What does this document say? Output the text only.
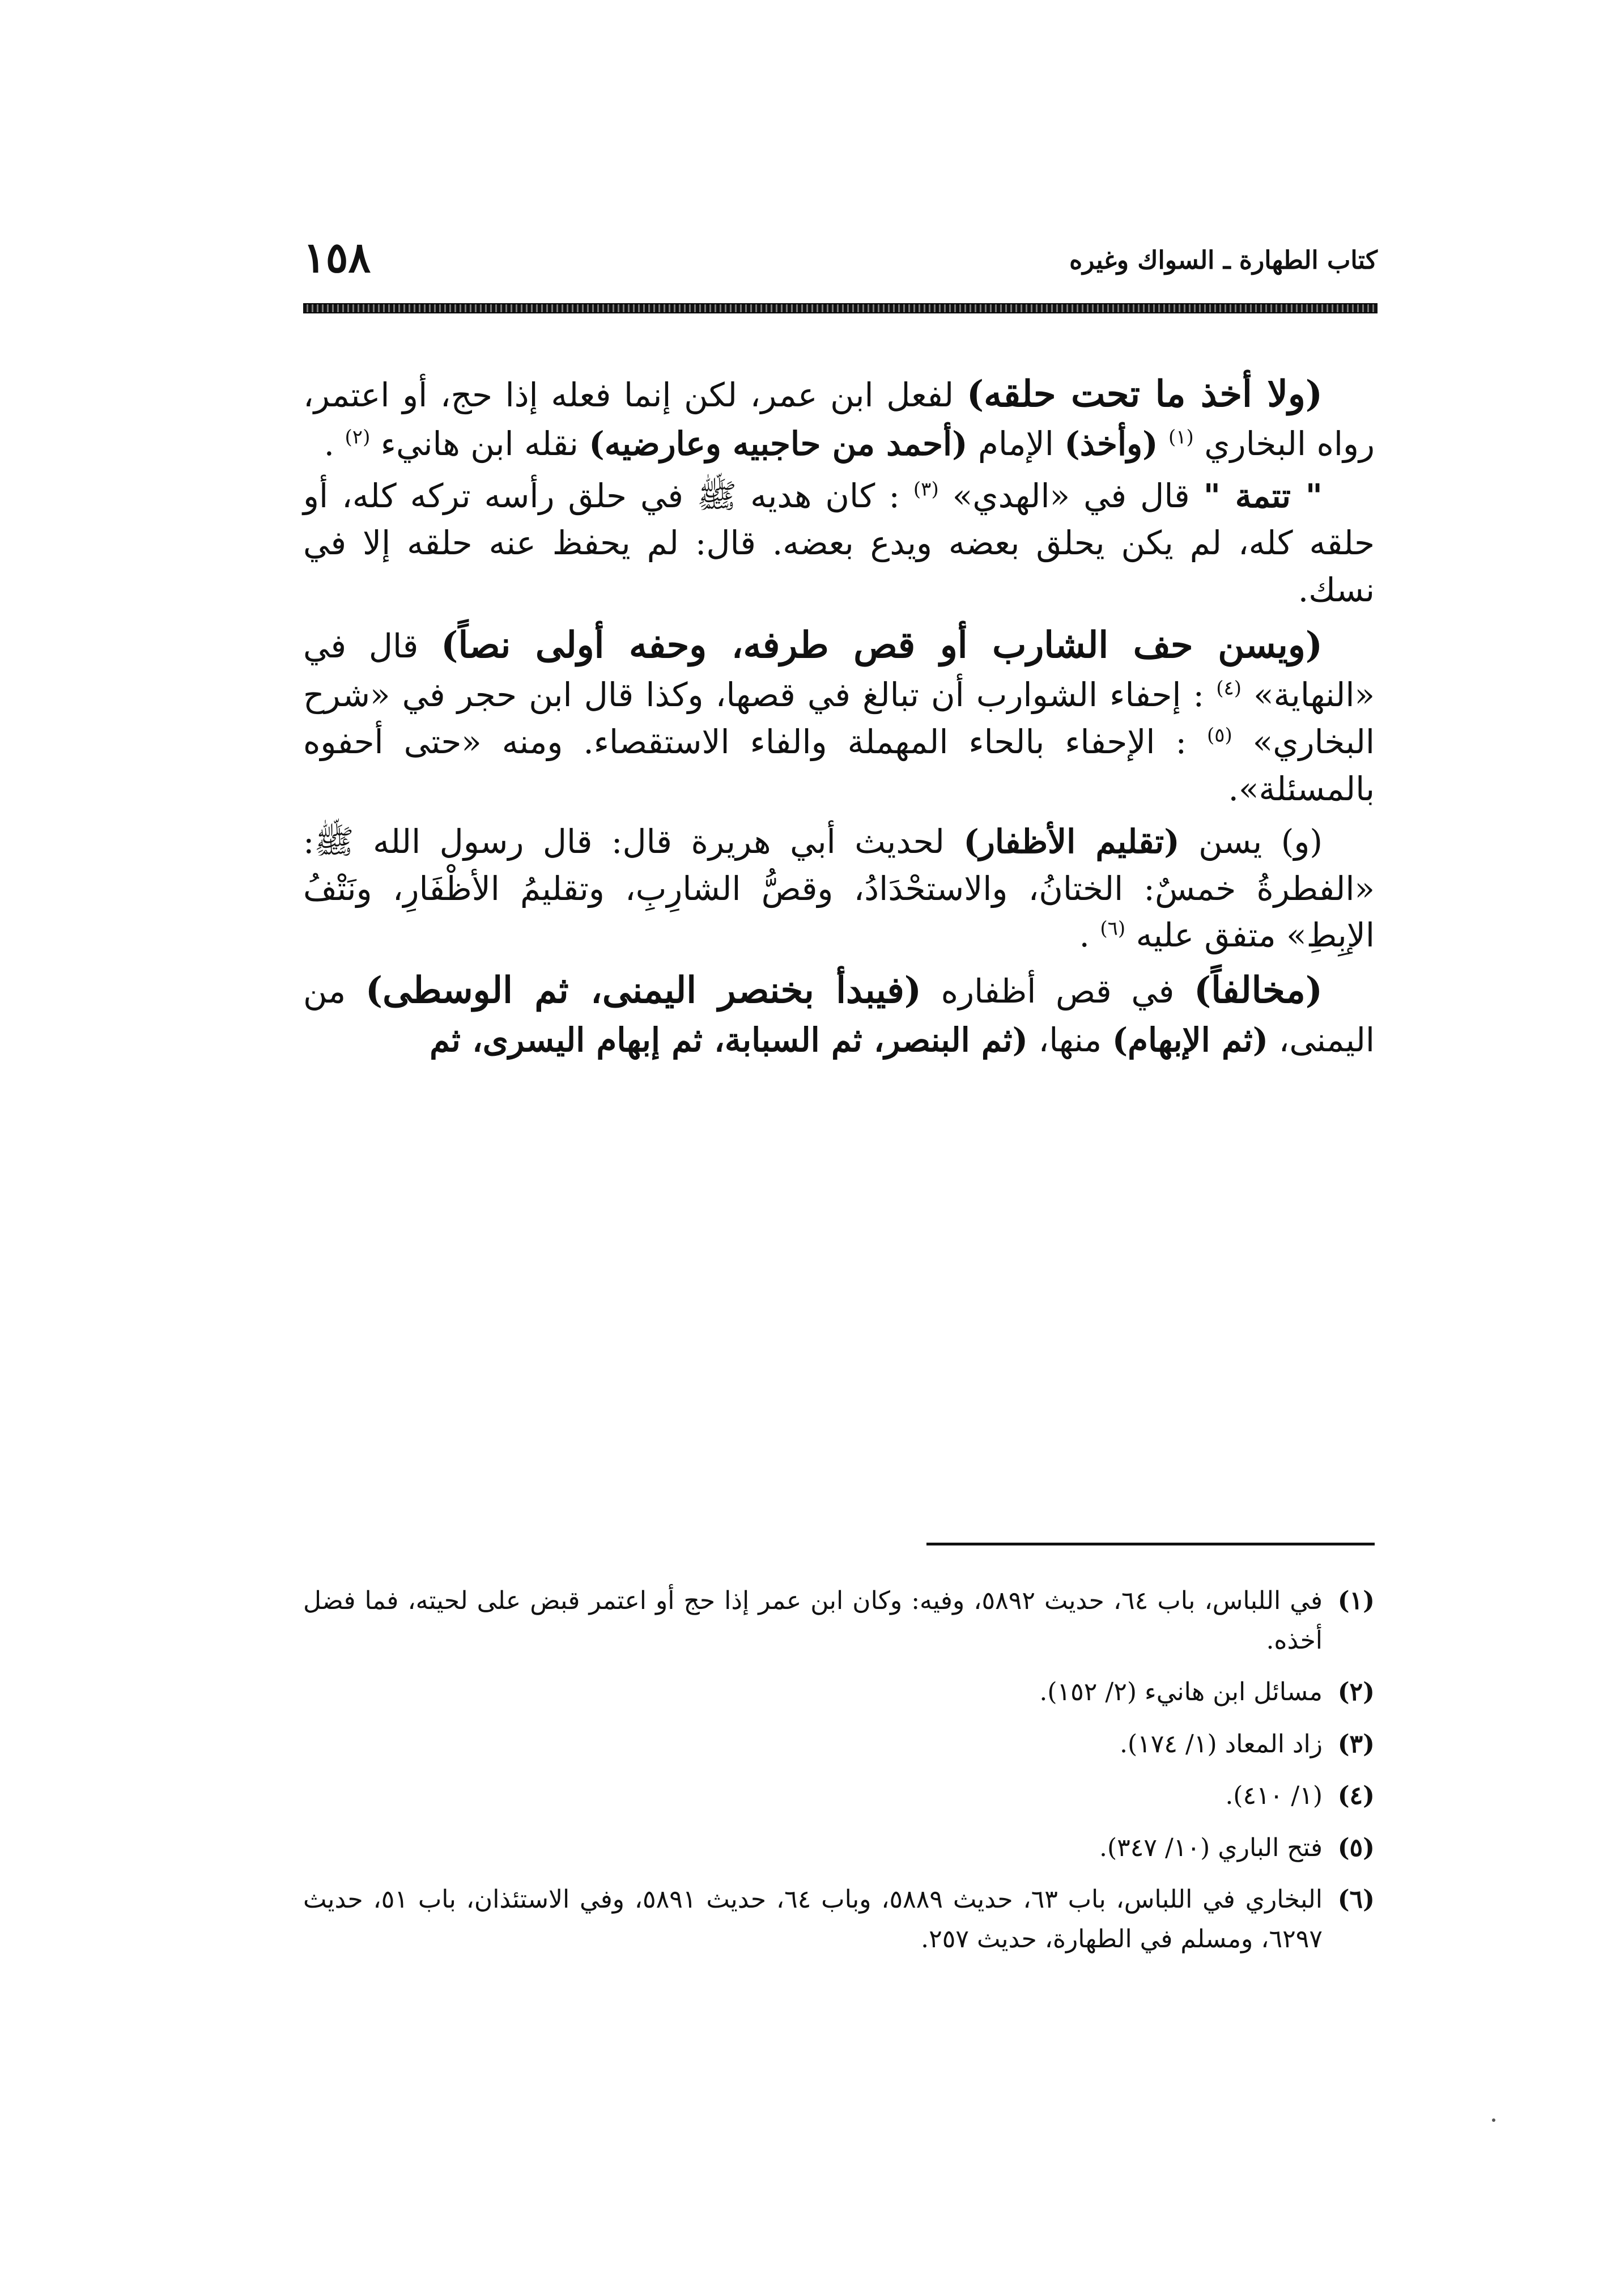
كتاب الطهارة ـ السواك وغيره
١٥٨

(ولا أخذ ما تحت حلقه) لفعل ابن عمر، لكن إنما فعله إذا حج، أو اعتمر، رواه البخاري $^{(١)}$ (وأخذ) الإمام (أحمد من حاجبيه وعارضيه) نقله ابن هانيء $^{(٢)}$ .

" تتمة " قال في «الهدي» $^{(٣)}$ : كان هديه ﷺ في حلق رأسه تركه كله، أو حلقه كله، لم يكن يحلق بعضه ويدع بعضه. قال: لم يحفظ عنه حلقه إلا في نسك.

(ويسن حف الشارب أو قص طرفه، وحفه أولى نصاً) قال في «النهاية» $^{(٤)}$ : إحفاء الشوارب أن تبالغ في قصها، وكذا قال ابن حجر في «شرح البخاري» $^{(٥)}$ : الإحفاء بالحاء المهملة والفاء الاستقصاء. ومنه «حتى أحفوه بالمسئلة».

(و) يسن (تقليم الأظفار) لحديث أبي هريرة قال: قال رسول الله ﷺ: «الفطرةُ خمسٌ: الختانُ، والاستحْدَادُ، وقصُّ الشارِبِ، وتقليمُ الأظْفَارِ، ونَتْفُ الإبِطِ» متفق عليه $^{(٦)}$ .

(مخالفاً) في قص أظفاره (فيبدأ بخنصر اليمنى، ثم الوسطى) من اليمنى، (ثم الإبهام) منها، (ثم البنصر، ثم السبابة، ثم إبهام اليسرى، ثم

(١)
في اللباس، باب ٦٤، حديث ٥٨٩٢، وفيه: وكان ابن عمر إذا حج أو اعتمر قبض على لحيته، فما فضل أخذه.
(٢)
مسائل ابن هانيء (٢/ ١٥٢).
(٣)
زاد المعاد (١/ ١٧٤).
(٤)
(١/ ٤١٠).
(٥)
فتح الباري (١٠/ ٣٤٧).
(٦)
البخاري في اللباس، باب ٦٣، حديث ٥٨٨٩، وباب ٦٤، حديث ٥٨٩١، وفي الاستئذان، باب ٥١، حديث ٦٢٩٧، ومسلم في الطهارة، حديث ٢٥٧.
